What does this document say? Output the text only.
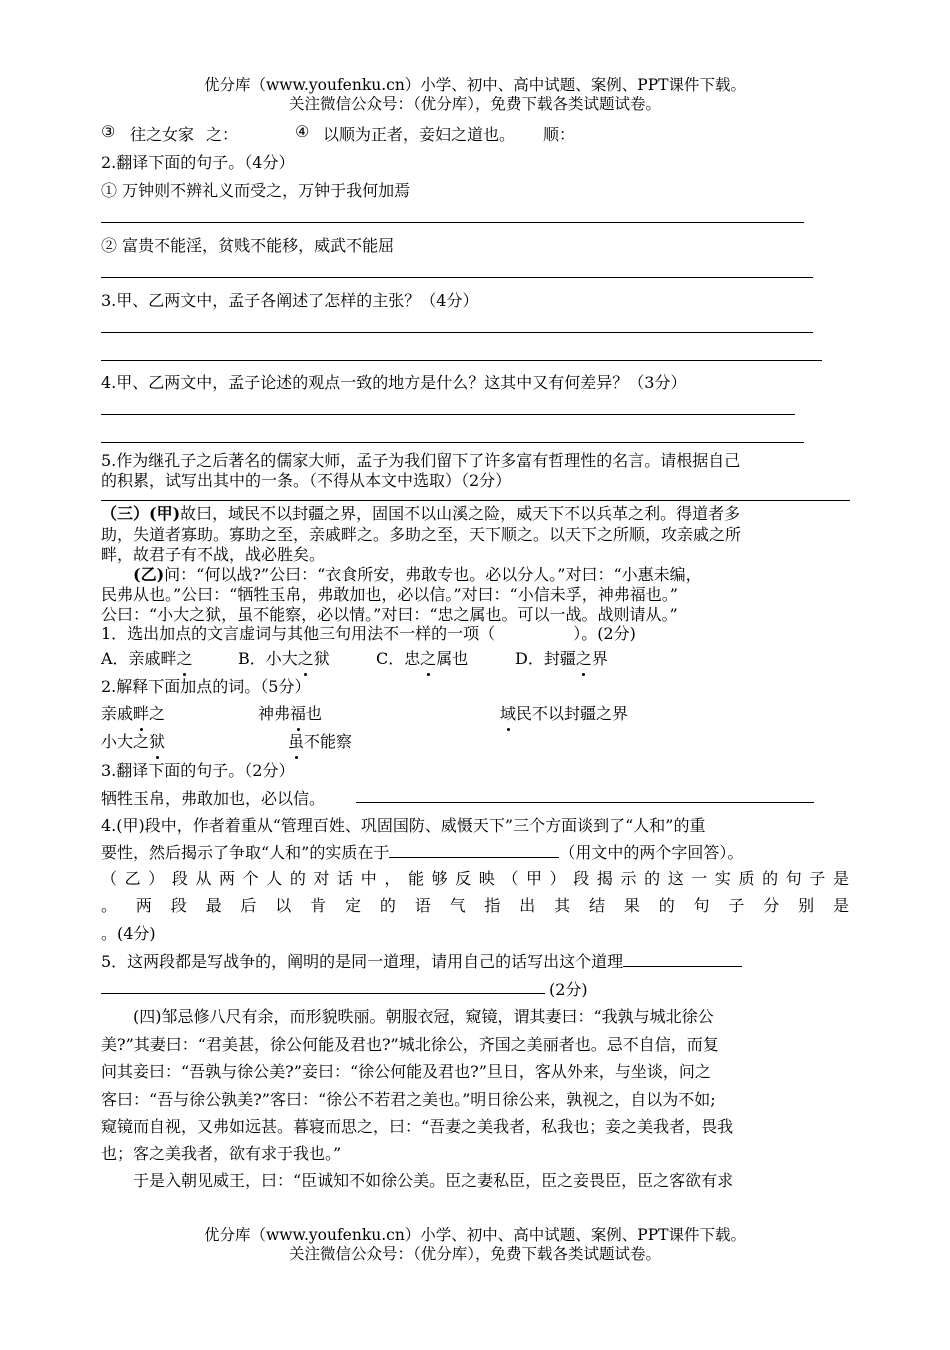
优分库（www.youfenku.cn）小学、初中、高中试题、案例、PPT课件下载。
关注微信公众号：（优分库），免费下载各类试题试卷。
③ 往之女家 之：	④ 以顺为正者，妾妇之道也。 顺：
2.翻译下面的句子。（4分）
① 万钟则不辨礼义而受之，万钟于我何加焉
② 富贵不能淫，贫贱不能移，威武不能屈
3.甲、乙两文中，孟子各阐述了怎样的主张？（4分）
4.甲、乙两文中，孟子论述的观点一致的地方是什么？这其中又有何差异？（3分）
5.作为继孔子之后著名的儒家大师，孟子为我们留下了许多富有哲理性的名言。请根据自己
的积累，试写出其中的一条。（不得从本文中选取）（2分）
（三）(甲)故曰，域民不以封疆之界，固国不以山溪之险，威天下不以兵革之利。得道者多
助，失道者寡助。寡助之至，亲戚畔之。多助之至，天下顺之。以天下之所顺，攻亲戚之所
畔，故君子有不战，战必胜矣。
(乙)问：“何以战?”公曰：“衣食所安，弗敢专也。必以分人。”对曰：“小惠未编，
民弗从也。”公曰：“牺牲玉帛，弗敢加也，必以信。”对曰：“小信未孚，神弗福也。”
公曰：“小大之狱，虽不能察，必以情。”对曰：“忠之属也。可以一战。战则请从。”
1．选出加点的文言虚词与其他三句用法不一样的一项（	）。(2分)
A．亲戚畔之	B．小大之狱	C．忠之属也	D．封疆之界
2.解释下面加点的词。（5分）
亲戚畔之	神弗福也	域民不以封疆之界
小大之狱	虽不能察
3.翻译下面的句子。（2分）
牺牲玉帛，弗敢加也，必以信。
4.(甲)段中，作者着重从“管理百姓、巩固国防、威慑天下”三个方面谈到了“人和”的重
要性，然后揭示了争取“人和”的实质在于	（用文中的两个字回答）。
（乙）段从两个人的对话中，能够反映（甲）段揭示的这一实质的句子是
。两段最后以肯定的语气指出其结果的句子分别是
。(4分)
5．这两段都是写战争的，阐明的是同一道理，请用自己的话写出这个道理
(2分)
(四)邹忌修八尺有余，而形貌昳丽。朝服衣冠，窥镜，谓其妻曰：“我孰与城北徐公
美?”其妻曰：“君美甚，徐公何能及君也?”城北徐公，齐国之美丽者也。忌不自信，而复
问其妾曰：“吾孰与徐公美?”妾曰：“徐公何能及君也?”旦日，客从外来，与坐谈，问之
客曰：“吾与徐公孰美?”客曰：“徐公不若君之美也。”明日徐公来，孰视之，自以为不如;
窥镜而自视，又弗如远甚。暮寝而思之，曰：“吾妻之美我者，私我也；妾之美我者，畏我
也；客之美我者，欲有求于我也。”
于是入朝见威王，曰：“臣诚知不如徐公美。臣之妻私臣，臣之妾畏臣，臣之客欲有求
优分库（www.youfenku.cn）小学、初中、高中试题、案例、PPT课件下载。
关注微信公众号：（优分库），免费下载各类试题试卷。
